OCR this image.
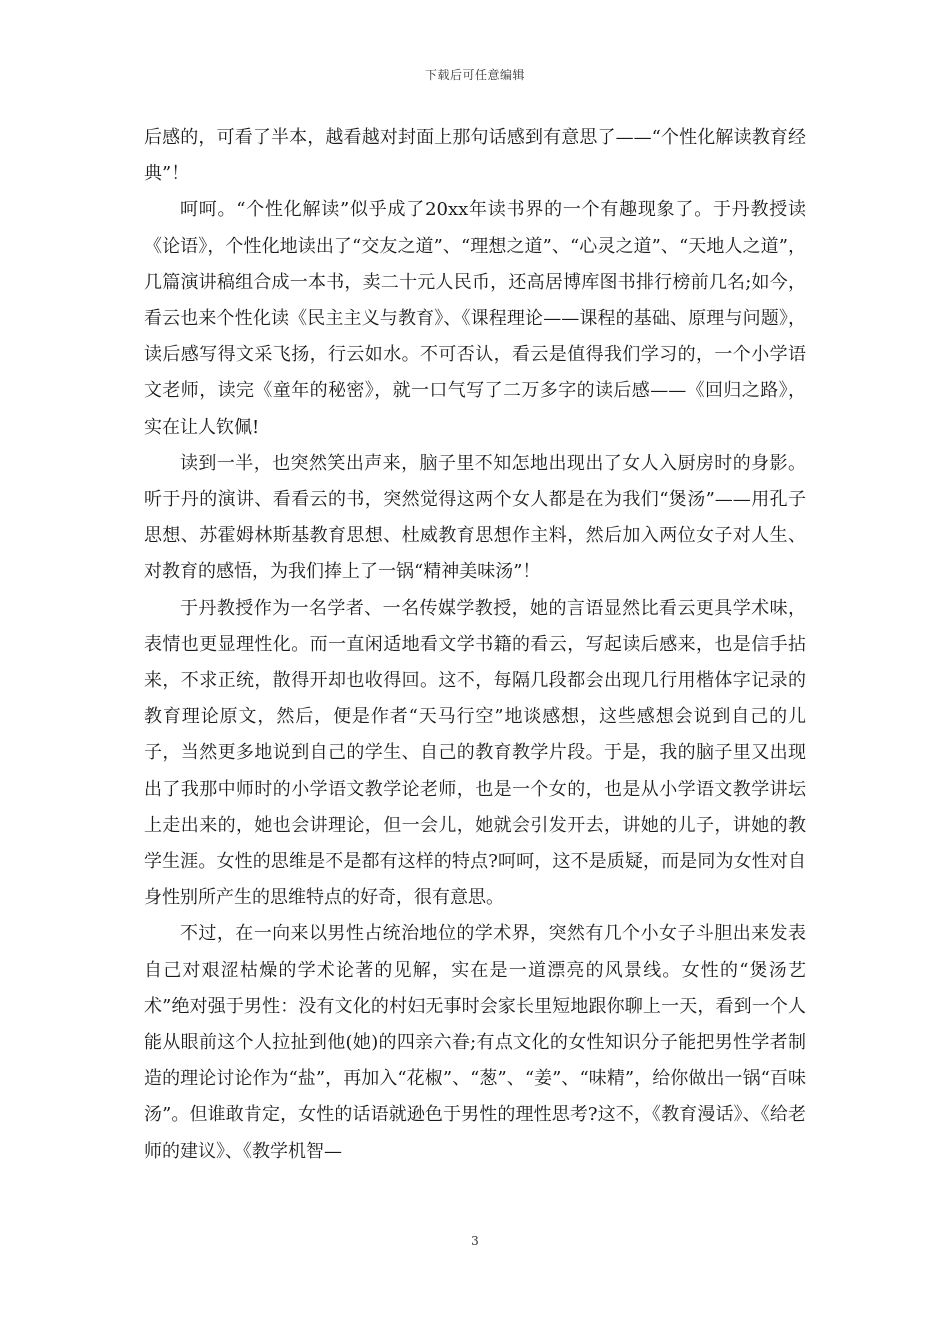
下载后可任意编辑

后感的，可看了半本，越看越对封面上那句话感到有意思了——“个性化解读教育经典”！

呵呵。“个性化解读”似乎成了20xx年读书界的一个有趣现象了。于丹教授读《论语》，个性化地读出了“交友之道”、“理想之道”、“心灵之道”、“天地人之道”，几篇演讲稿组合成一本书，卖二十元人民币，还高居博库图书排行榜前几名;如今，看云也来个性化读《民主主义与教育》、《课程理论——课程的基础、原理与问题》，读后感写得文采飞扬，行云如水。不可否认，看云是值得我们学习的，一个小学语文老师，读完《童年的秘密》，就一口气写了二万多字的读后感——《回归之路》，实在让人钦佩!

读到一半，也突然笑出声来，脑子里不知怎地出现出了女人入厨房时的身影。听于丹的演讲、看看云的书，突然觉得这两个女人都是在为我们“煲汤”——用孔子思想、苏霍姆林斯基教育思想、杜威教育思想作主料，然后加入两位女子对人生、对教育的感悟，为我们捧上了一锅“精神美味汤”！

于丹教授作为一名学者、一名传媒学教授，她的言语显然比看云更具学术味，表情也更显理性化。而一直闲适地看文学书籍的看云，写起读后感来，也是信手拈来，不求正统，散得开却也收得回。这不，每隔几段都会出现几行用楷体字记录的教育理论原文，然后，便是作者“天马行空”地谈感想，这些感想会说到自己的儿子，当然更多地说到自己的学生、自己的教育教学片段。于是，我的脑子里又出现出了我那中师时的小学语文教学论老师，也是一个女的，也是从小学语文教学讲坛上走出来的，她也会讲理论，但一会儿，她就会引发开去，讲她的儿子，讲她的教学生涯。女性的思维是不是都有这样的特点?呵呵，这不是质疑，而是同为女性对自身性别所产生的思维特点的好奇，很有意思。

不过，在一向来以男性占统治地位的学术界，突然有几个小女子斗胆出来发表自己对艰涩枯燥的学术论著的见解，实在是一道漂亮的风景线。女性的“煲汤艺术”绝对强于男性：没有文化的村妇无事时会家长里短地跟你聊上一天，看到一个人能从眼前这个人拉扯到他(她)的四亲六眷;有点文化的女性知识分子能把男性学者制造的理论讨论作为“盐”，再加入“花椒”、“葱”、“姜”、“味精”，给你做出一锅“百味汤”。但谁敢肯定，女性的话语就逊色于男性的理性思考?这不，《教育漫话》、《给老师的建议》、《教学机智—

3
